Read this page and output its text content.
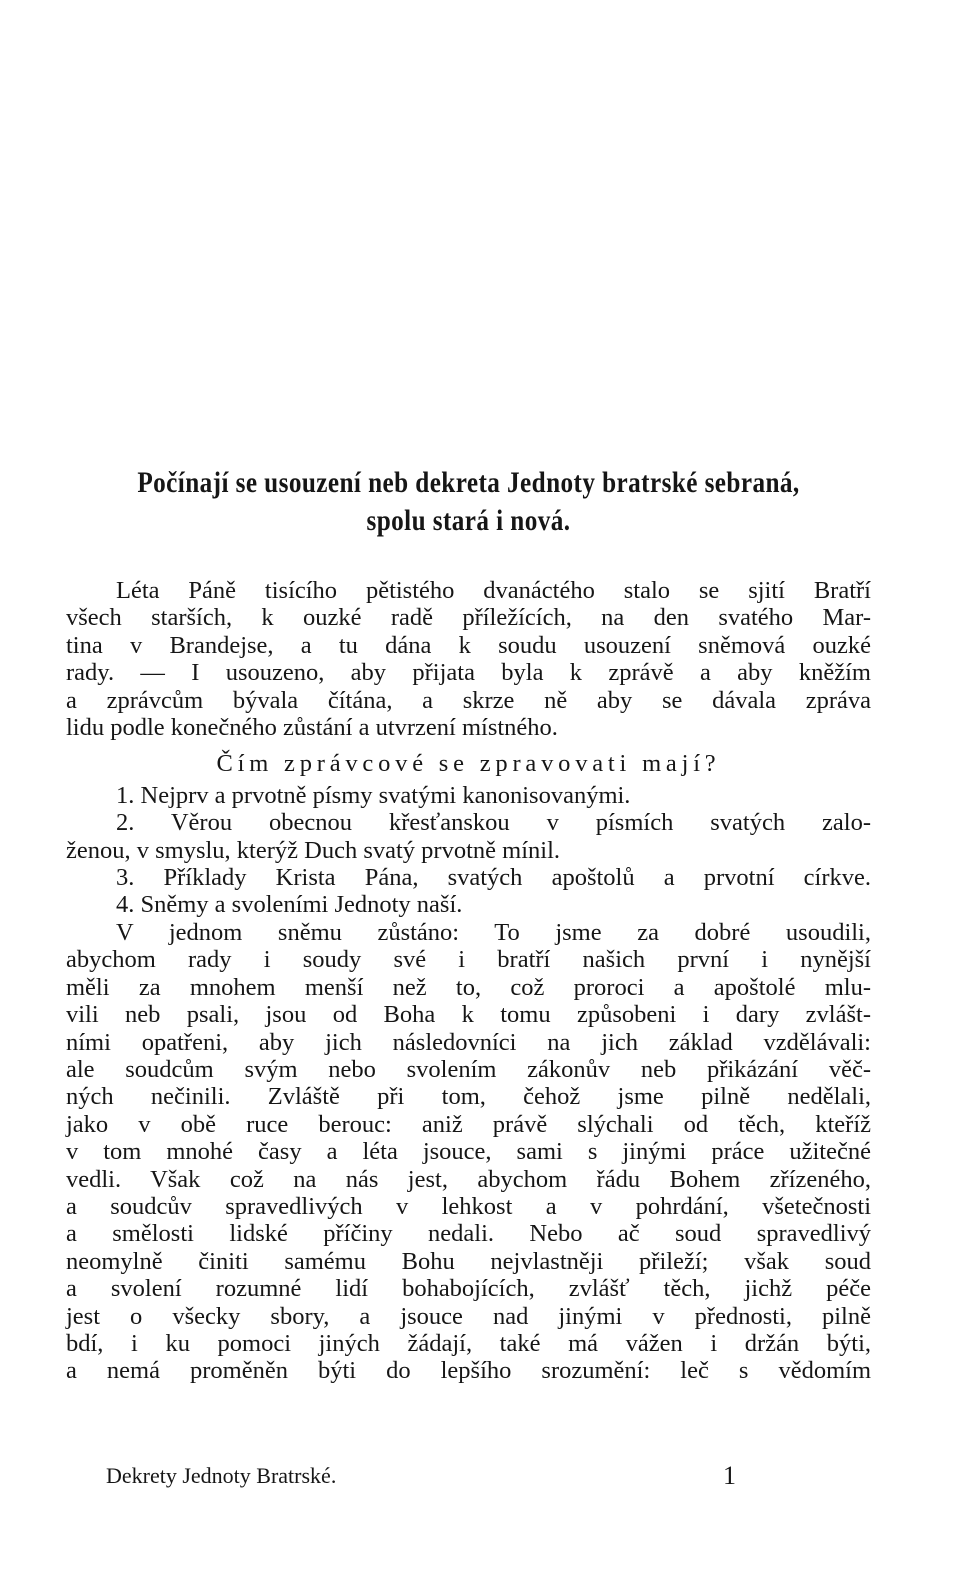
Počínají se usouzení neb dekreta Jednoty bratrské sebraná,
spolu stará i nová.
Léta Páně tisícího pětistého dvanáctého stalo se sjití Bratří
všech starších, k ouzké radě příležících, na den svatého Mar-
tina v Brandejse, a tu dána k soudu usouzení sněmová ouzké
rady. — I usouzeno, aby přijata byla k zprávě a aby kněžím
a zprávcům bývala čítána, a skrze ně aby se dávala zpráva
lidu podle konečného zůstání a utvrzení místného.
Čím zprávcové se zpravovati mají?
1. Nejprv a prvotně písmy svatými kanonisovanými.
2. Věrou obecnou křesťanskou v písmích svatých zalo-
ženou, v smyslu, kterýž Duch svatý prvotně mínil.
3. Příklady Krista Pána, svatých apoštolů a prvotní církve.
4. Sněmy a svoleními Jednoty naší.
V jednom sněmu zůstáno: To jsme za dobré usoudili,
abychom rady i soudy své i bratří našich první i nynější
měli za mnohem menší než to, což proroci a apoštolé mlu-
vili neb psali, jsou od Boha k tomu způsobeni i dary zvlášt-
ními opatřeni, aby jich následovníci na jich základ vzdělávali:
ale soudcům svým nebo svolením zákonův neb přikázání věč-
ných nečinili. Zvláště při tom, čehož jsme pilně nedělali,
jako v obě ruce berouc: aniž právě slýchali od těch, kteříž
v tom mnohé časy a léta jsouce, sami s jinými práce užitečné
vedli. Však což na nás jest, abychom řádu Bohem zřízeného,
a soudcův spravedlivých v lehkost a v pohrdání, všetečnosti
a smělosti lidské příčiny nedali. Nebo ač soud spravedlivý
neomylně činiti samému Bohu nejvlastněji přileží; však soud
a svolení rozumné lidí bohabojících, zvlášť těch, jichž péče
jest o všecky sbory, a jsouce nad jinými v přednosti, pilně
bdí, i ku pomoci jiných žádají, také má vážen i držán býti,
a nemá proměněn býti do lepšího srozumění: leč s vědomím
Dekrety Jednoty Bratrské.	1
